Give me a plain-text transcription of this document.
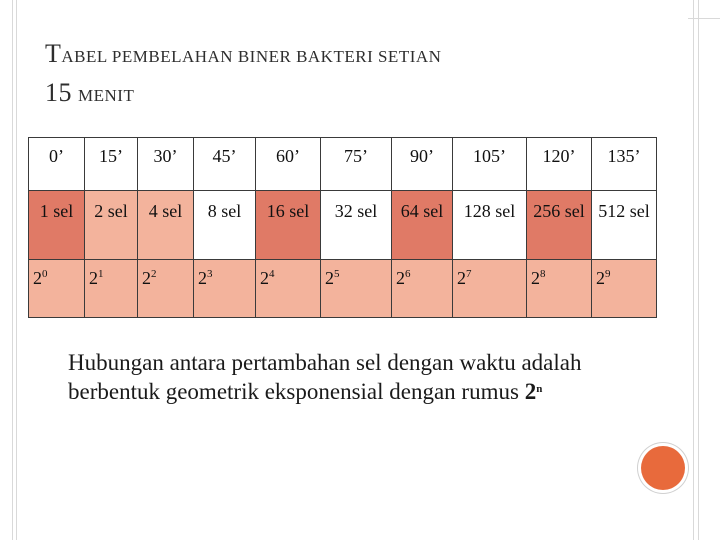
TABEL PEMBELAHAN BINER BAKTERI SETIAN
15 MENIT
0’	15’	30’	45’	60’	75’	90’	105’	120’	135’
1 sel	2 sel	4 sel	8 sel	16 sel	32 sel	64 sel	128 sel	256 sel	512 sel
$2^0$	$2^1$	$2^2$	$2^3$	$2^4$	$2^5$	$2^6$	$2^7$	$2^8$	$2^9$
Hubungan antara pertambahan sel dengan waktu adalah berbentuk geometrik eksponensial dengan rumus 2$^n$
